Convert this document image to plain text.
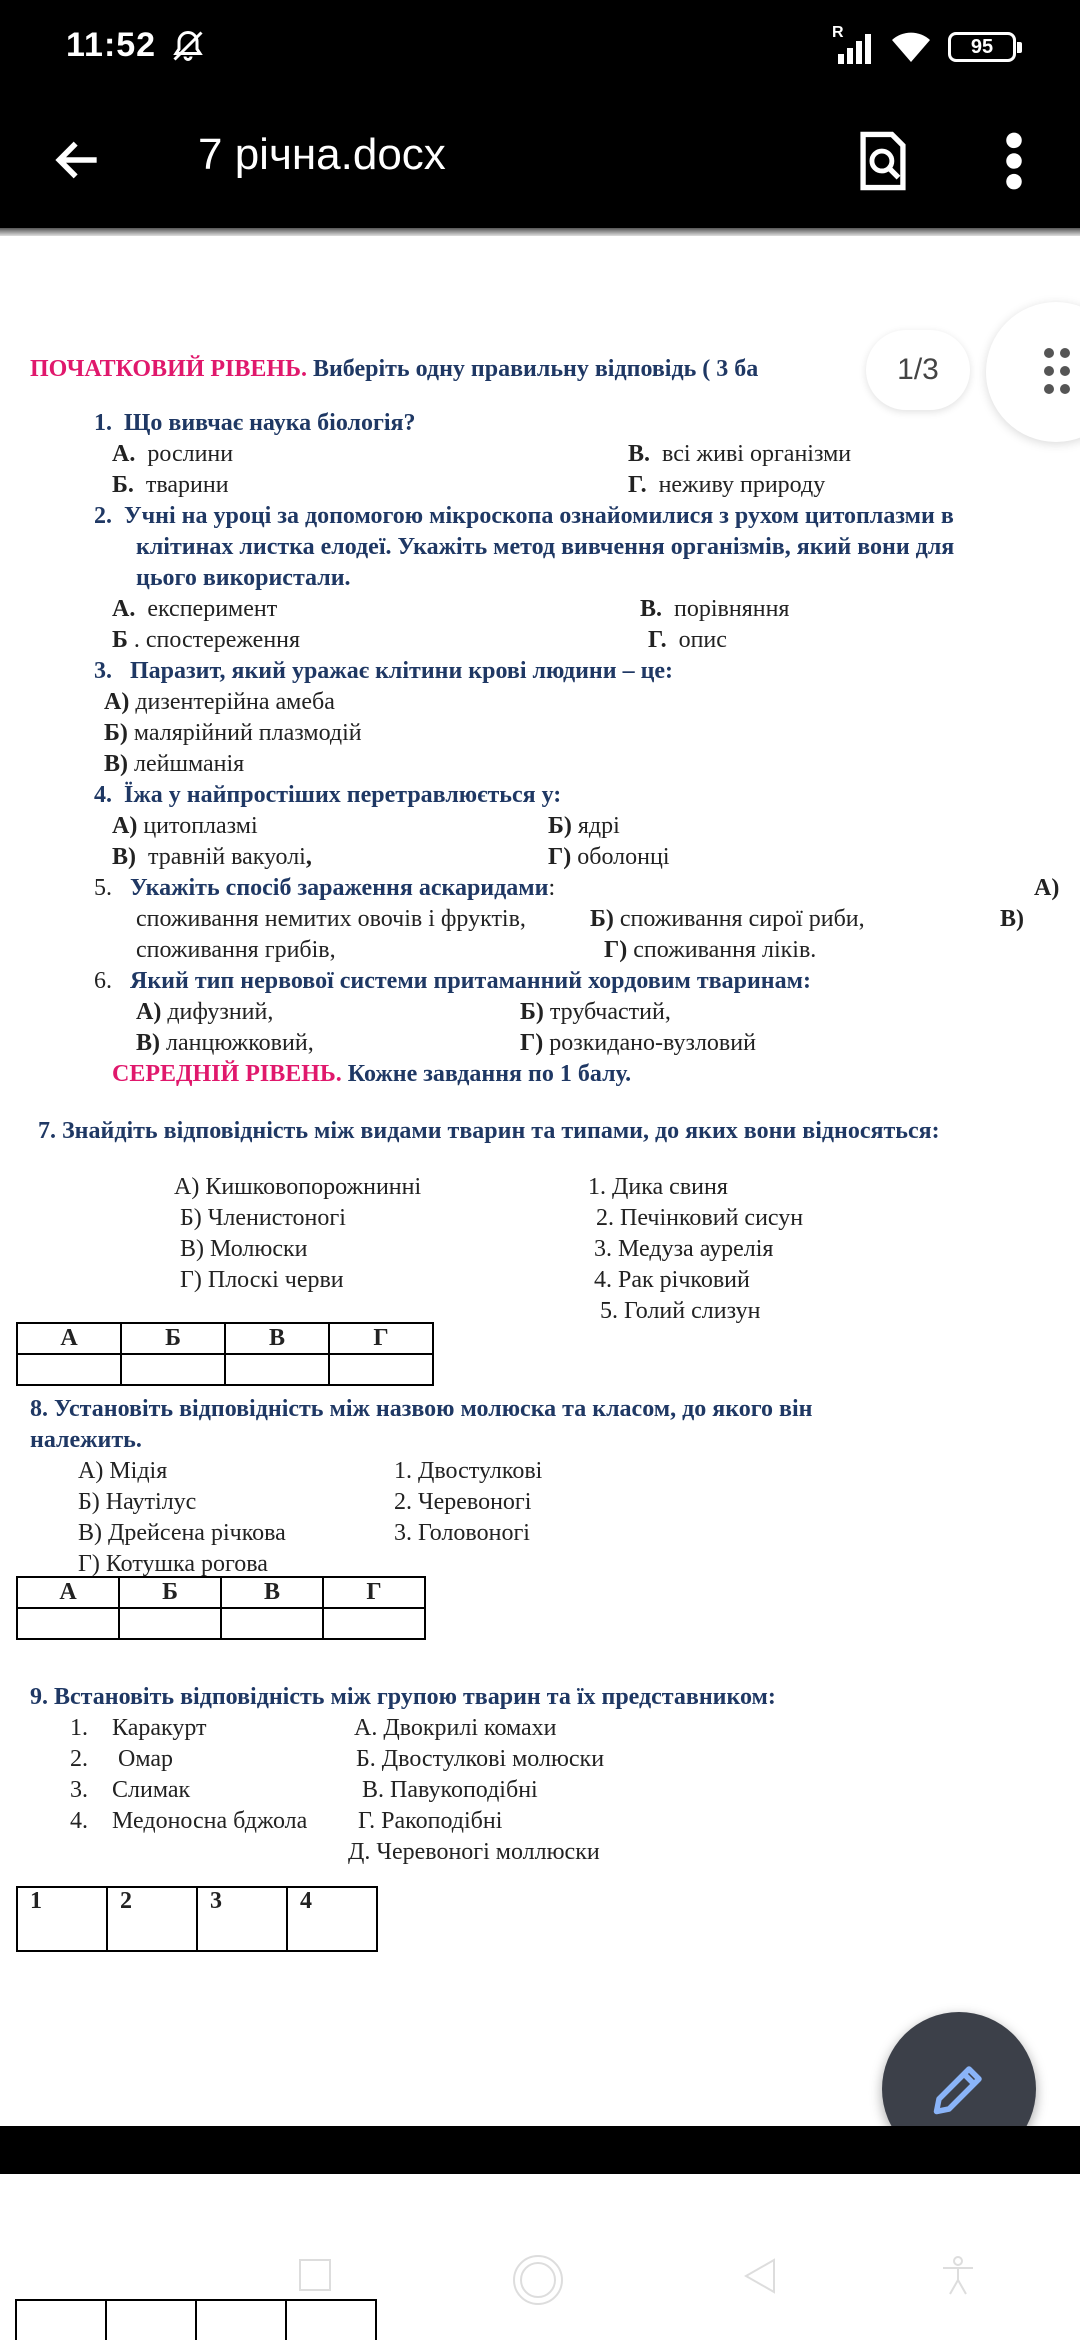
11:52	R
95
7 річна.docx
ПОЧАТКОВИЙ РІВЕНЬ. Виберіть одну правильну відповідь ( 3 ба
1. Що вивчає наука біологія?
А. рослини	В. всі живі організми
Б. тварини	Г. неживу природу
2. Учні на уроці за допомогою мікроскопа ознайомилися з рухом цитоплазми в
клітинах листка елодеї. Укажіть метод вивчення організмів, який вони для
цього використали.
А. експеримент	В. порівняння
Б . спостереження	Г. опис
3. Паразит, який уражає клітини крові людини – це:
А) дизентерійна амеба
Б) малярійний плазмодій
В) лейшманія
4. Їжа у найпростіших перетравлюється у:
А) цитоплазмі	Б) ядрі
В) травній вакуолі,	Г) оболонці
5. Укажіть спосіб зараження аскаридами:	А)
споживання немитих овочів і фруктів,	Б) споживання сирої риби,	В)
споживання грибів,	Г) споживання ліків.
6. Який тип нервової системи притаманний хордовим тваринам:
А) дифузний,	Б) трубчастий,
В) ланцюжковий,	Г) розкидано-вузловий
СЕРЕДНІЙ РІВЕНЬ. Кожне завдання по 1 балу.
7. Знайдіть відповідність між видами тварин та типами, до яких вони відносяться:
А) Кишковопорожнинні
Б) Членистоногі
В) Молюски
Г) Плоскі черви
1. Дика свиня
2. Печінковий сисун
3. Медуза аурелія
4. Рак річковий
5. Голий слизун
А	Б	В	Г

8. Установіть відповідність між назвою молюска та класом, до якого він
належить.
А) Мідія
Б) Наутілус
В) Дрейсена річкова
Г) Котушка рогова
1. Двостулкові
2. Черевоногі
3. Головоногі
А	Б	В	Г

9. Встановіть відповідність між групою тварин та їх представником:
1. Каракурт
2. Омар
3. Слимак
4. Медоносна бджола
А. Двокрилі комахи
Б. Двостулкові молюски
В. Павукоподібні
Г. Ракоподібні
Д. Черевоногі моллюски
1	2	3	4
1/3
